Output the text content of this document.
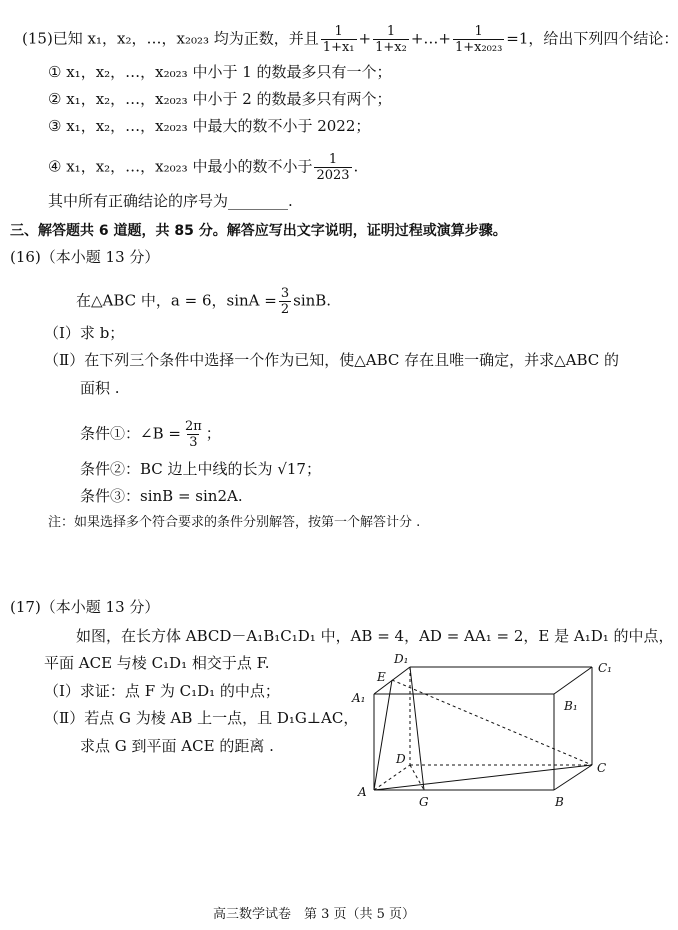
(15)已知 x₁，x₂，…，x₂₀₂₃ 均为正数，并且 $\frac{1}{\text{1+x₁}} + \frac{1}{\text{1+x₂}}$ +…+ $\frac{1}{\text{1+x₂₀₂₃}} =1$，给出下列四个结论：
① x₁，x₂，…，x₂₀₂₃ 中小于 1 的数最多只有一个；
② x₁，x₂，…，x₂₀₂₃ 中小于 2 的数最多只有两个；
③ x₁，x₂，…，x₂₀₂₃ 中最大的数不小于 2022；
④ x₁，x₂，…，x₂₀₂₃ 中最小的数不小于 $\frac{1}{2023}$ .
其中所有正确结论的序号为________.
三、解答题共 6 道题，共 85 分。解答应写出文字说明，证明过程或演算步骤。
(16)（本小题 13 分）
在△ABC 中，a = 6，$\sin A = \frac{3}{2} \sin B$.
（Ⅰ）求 b；
（Ⅱ）在下列三个条件中选择一个作为已知，使△ABC 存在且唯一确定，并求△ABC 的
面积 .
条件①：∠B = $\frac{2\pi}{3}$ ；
条件②：BC 边上中线的长为 √17；
条件③：sinB = sin2A.
注：如果选择多个符合要求的条件分别解答，按第一个解答计分 .
(17)（本小题 13 分）
如图，在长方体 ABCD－A₁B₁C₁D₁ 中，AB = 4，AD = AA₁ = 2，E 是 A₁D₁ 的中点，
平面 ACE 与棱 C₁D₁ 相交于点 F.
（Ⅰ）求证：点 F 为 C₁D₁ 的中点；
（Ⅱ）若点 G 为棱 AB 上一点，且 D₁G⊥AC，
求点 G 到平面 ACE 的距离 .
D₁
C₁
E
A₁
B₁
D
C
A
G	B
高三数学试卷　第 3 页（共 5 页）
